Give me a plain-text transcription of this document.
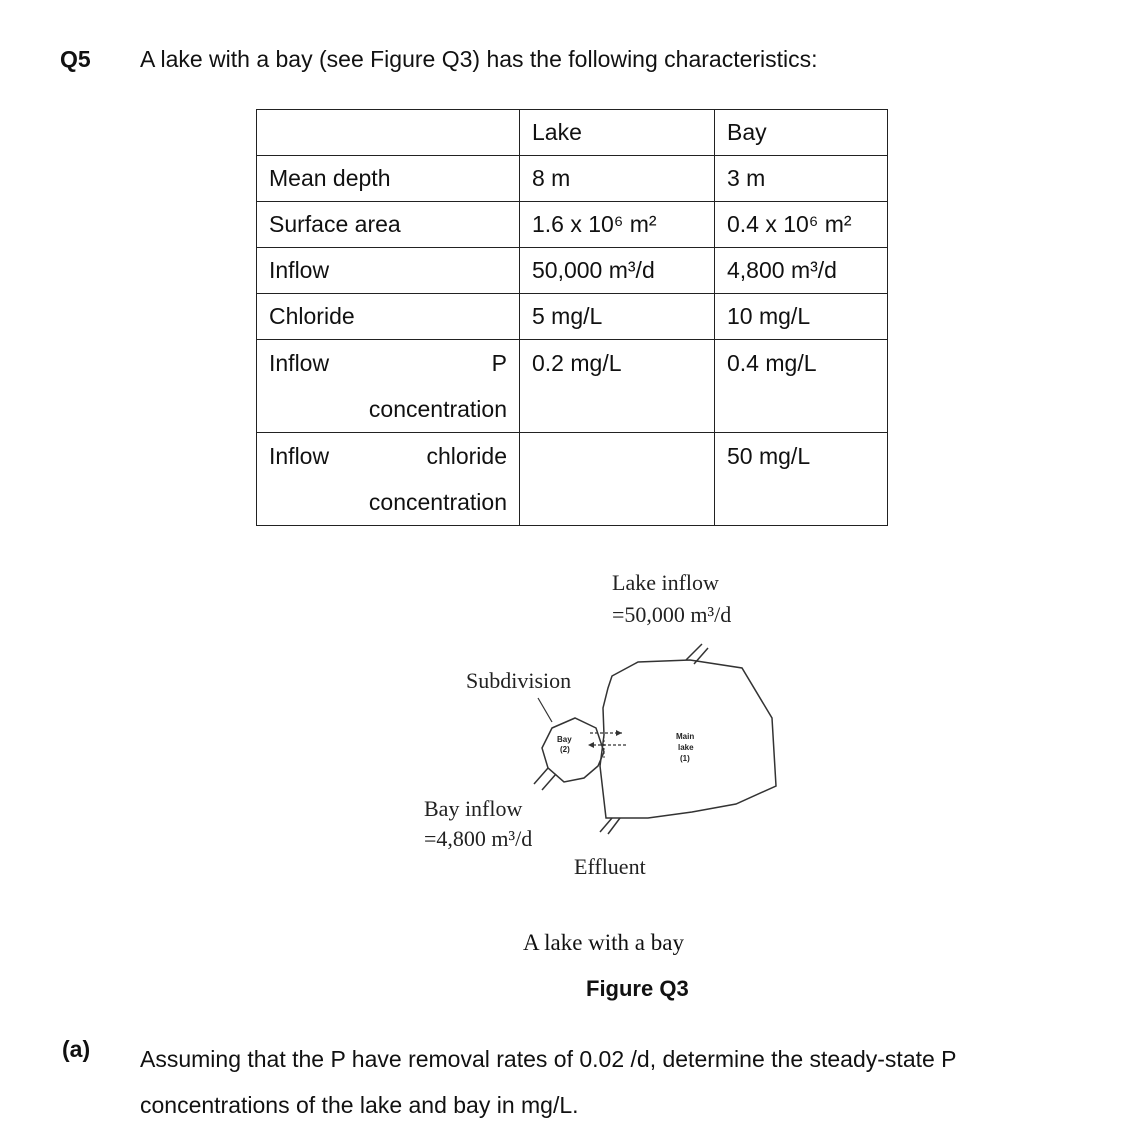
Q5 A lake with a bay (see Figure Q3) has the following characteristics:
	Lake	Bay
Mean depth	8 m	3 m
Surface area	1.6 x 10⁶ m²	0.4 x 10⁶ m²
Inflow	50,000 m³/d	4,800 m³/d
Chloride	5 mg/L	10 mg/L

Inflow P
concentration	0.2 mg/L	0.4 mg/L

Inflow chloride
concentration		50 mg/L
Lake inflow
=50,000 m³/d
Subdivision
Bay
(2)
Main
lake
(1)
Bay inflow
=4,800 m³/d
Effluent
A lake with a bay
Figure Q3
(a) Assuming that the P have removal rates of 0.02 /d, determine the steady-state P concentrations of the lake and bay in mg/L.
